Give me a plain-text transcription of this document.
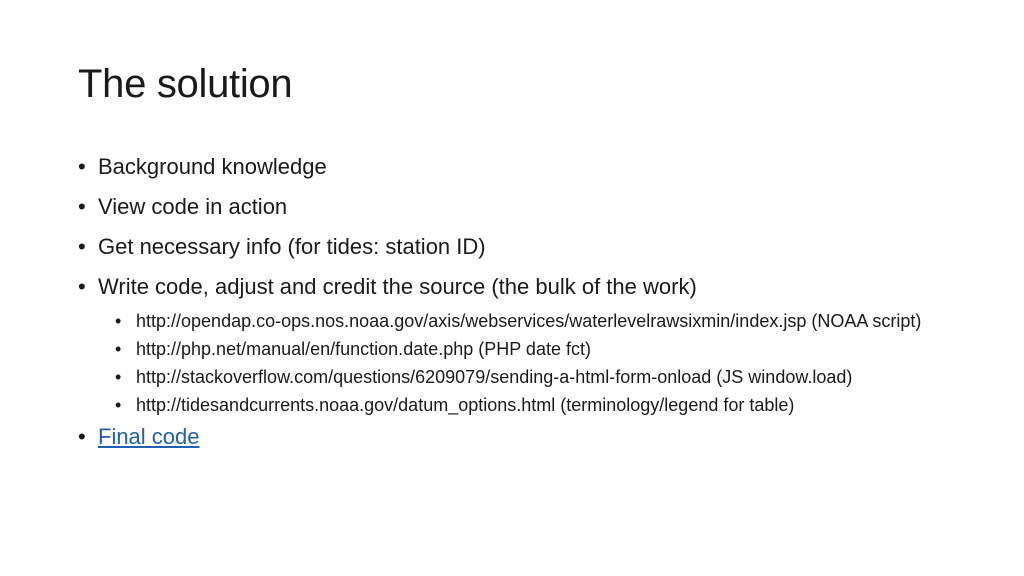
The solution
• Background knowledge
• View code in action
• Get necessary info (for tides: station ID)
• Write code, adjust and credit the source (the bulk of the work)
• http://opendap.co-ops.nos.noaa.gov/axis/webservices/waterlevelrawsixmin/index.jsp (NOAA script)
• http://php.net/manual/en/function.date.php (PHP date fct)
• http://stackoverflow.com/questions/6209079/sending-a-html-form-onload (JS window.load)
• http://tidesandcurrents.noaa.gov/datum_options.html (terminology/legend for table)
• Final code
